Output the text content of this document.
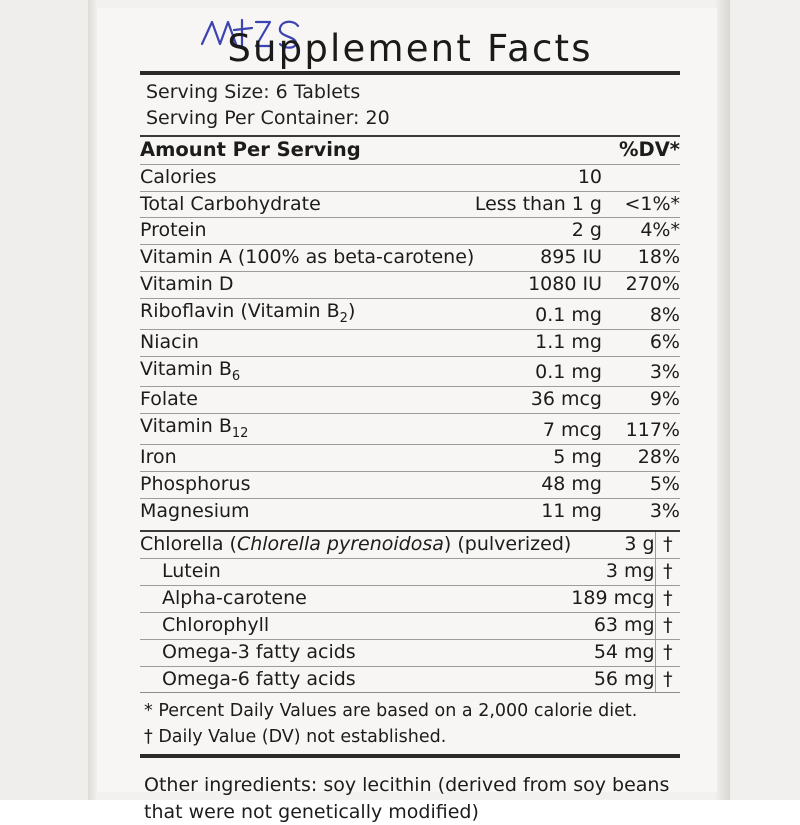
Supplement Facts
Serving Size: 6 Tablets
Serving Per Container: 20
Amount Per Serving		%DV*
Calories	10	
Total Carbohydrate	Less than 1 g	<1%*
Protein	2 g	4%*
Vitamin A (100% as beta-carotene)	895 IU	18%
Vitamin D	1080 IU	270%
Riboflavin (Vitamin $B_2$)	0.1 mg	8%
Niacin	1.1 mg	6%
Vitamin $B_6$	0.1 mg	3%
Folate	36 mcg	9%
Vitamin $B_{12}$	7 mcg	117%
Iron	5 mg	28%
Phosphorus	48 mg	5%
Magnesium	11 mg	3%
Chlorella (Chlorella pyrenoidosa) (pulverized)	3 g	†
Lutein	3 mg	†
Alpha-carotene	189 mcg	†
Chlorophyll	63 mg	†
Omega-3 fatty acids	54 mg	†
Omega-6 fatty acids	56 mg	†
* Percent Daily Values are based on a 2,000 calorie diet.
† Daily Value (DV) not established.
Other ingredients: soy lecithin (derived from soy beans that were not genetically modified)
